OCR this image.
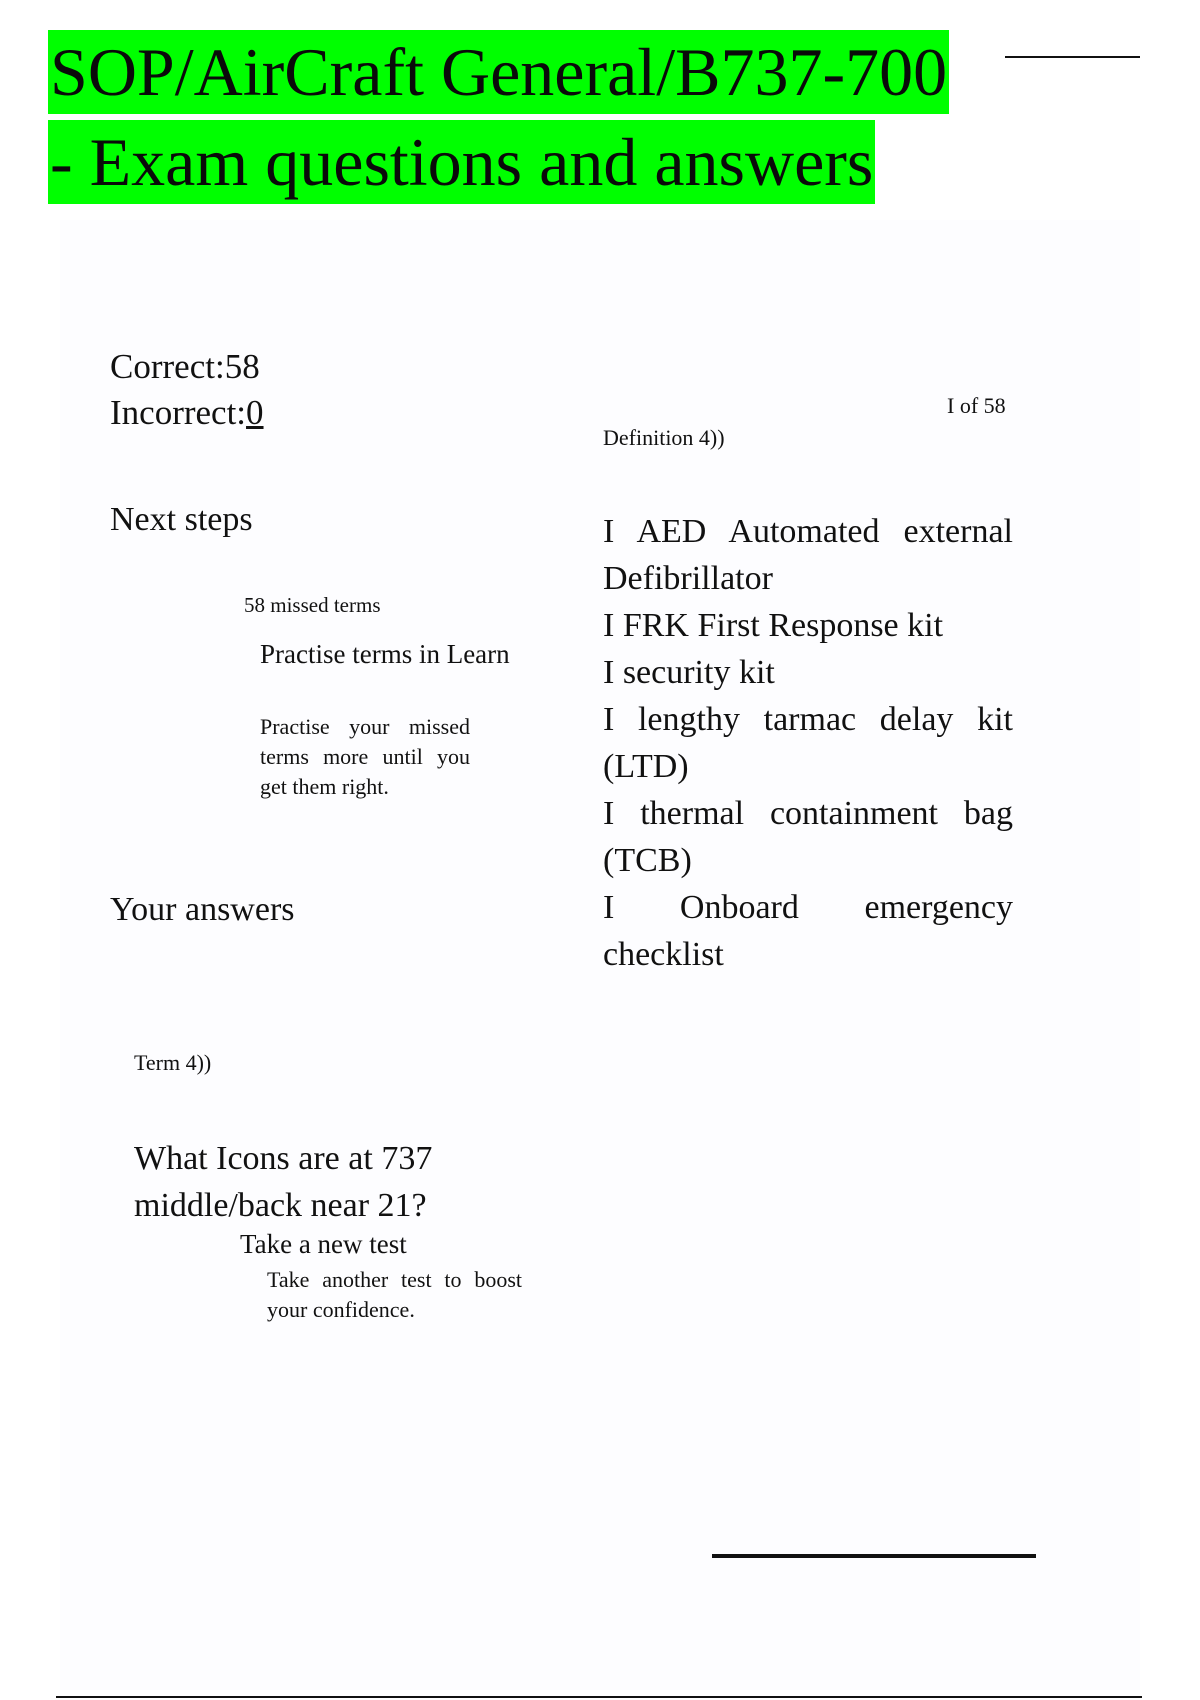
SOP/AirCraft General/B737-700
- Exam questions and answers
Correct:58
Incorrect:0	I of 58
Definition 4))
Next steps
58 missed terms
Practise terms in Learn
Practise your missed terms more until you get them right.
I AED Automated external Defibrillator
I FRK First Response kit
I security kit
I lengthy tarmac delay kit (LTD)
I thermal containment bag (TCB)
I Onboard emergency checklist
Your answers
Term 4))
What Icons are at 737 middle/back near 21?
Take a new test
Take another test to boost your confidence.
